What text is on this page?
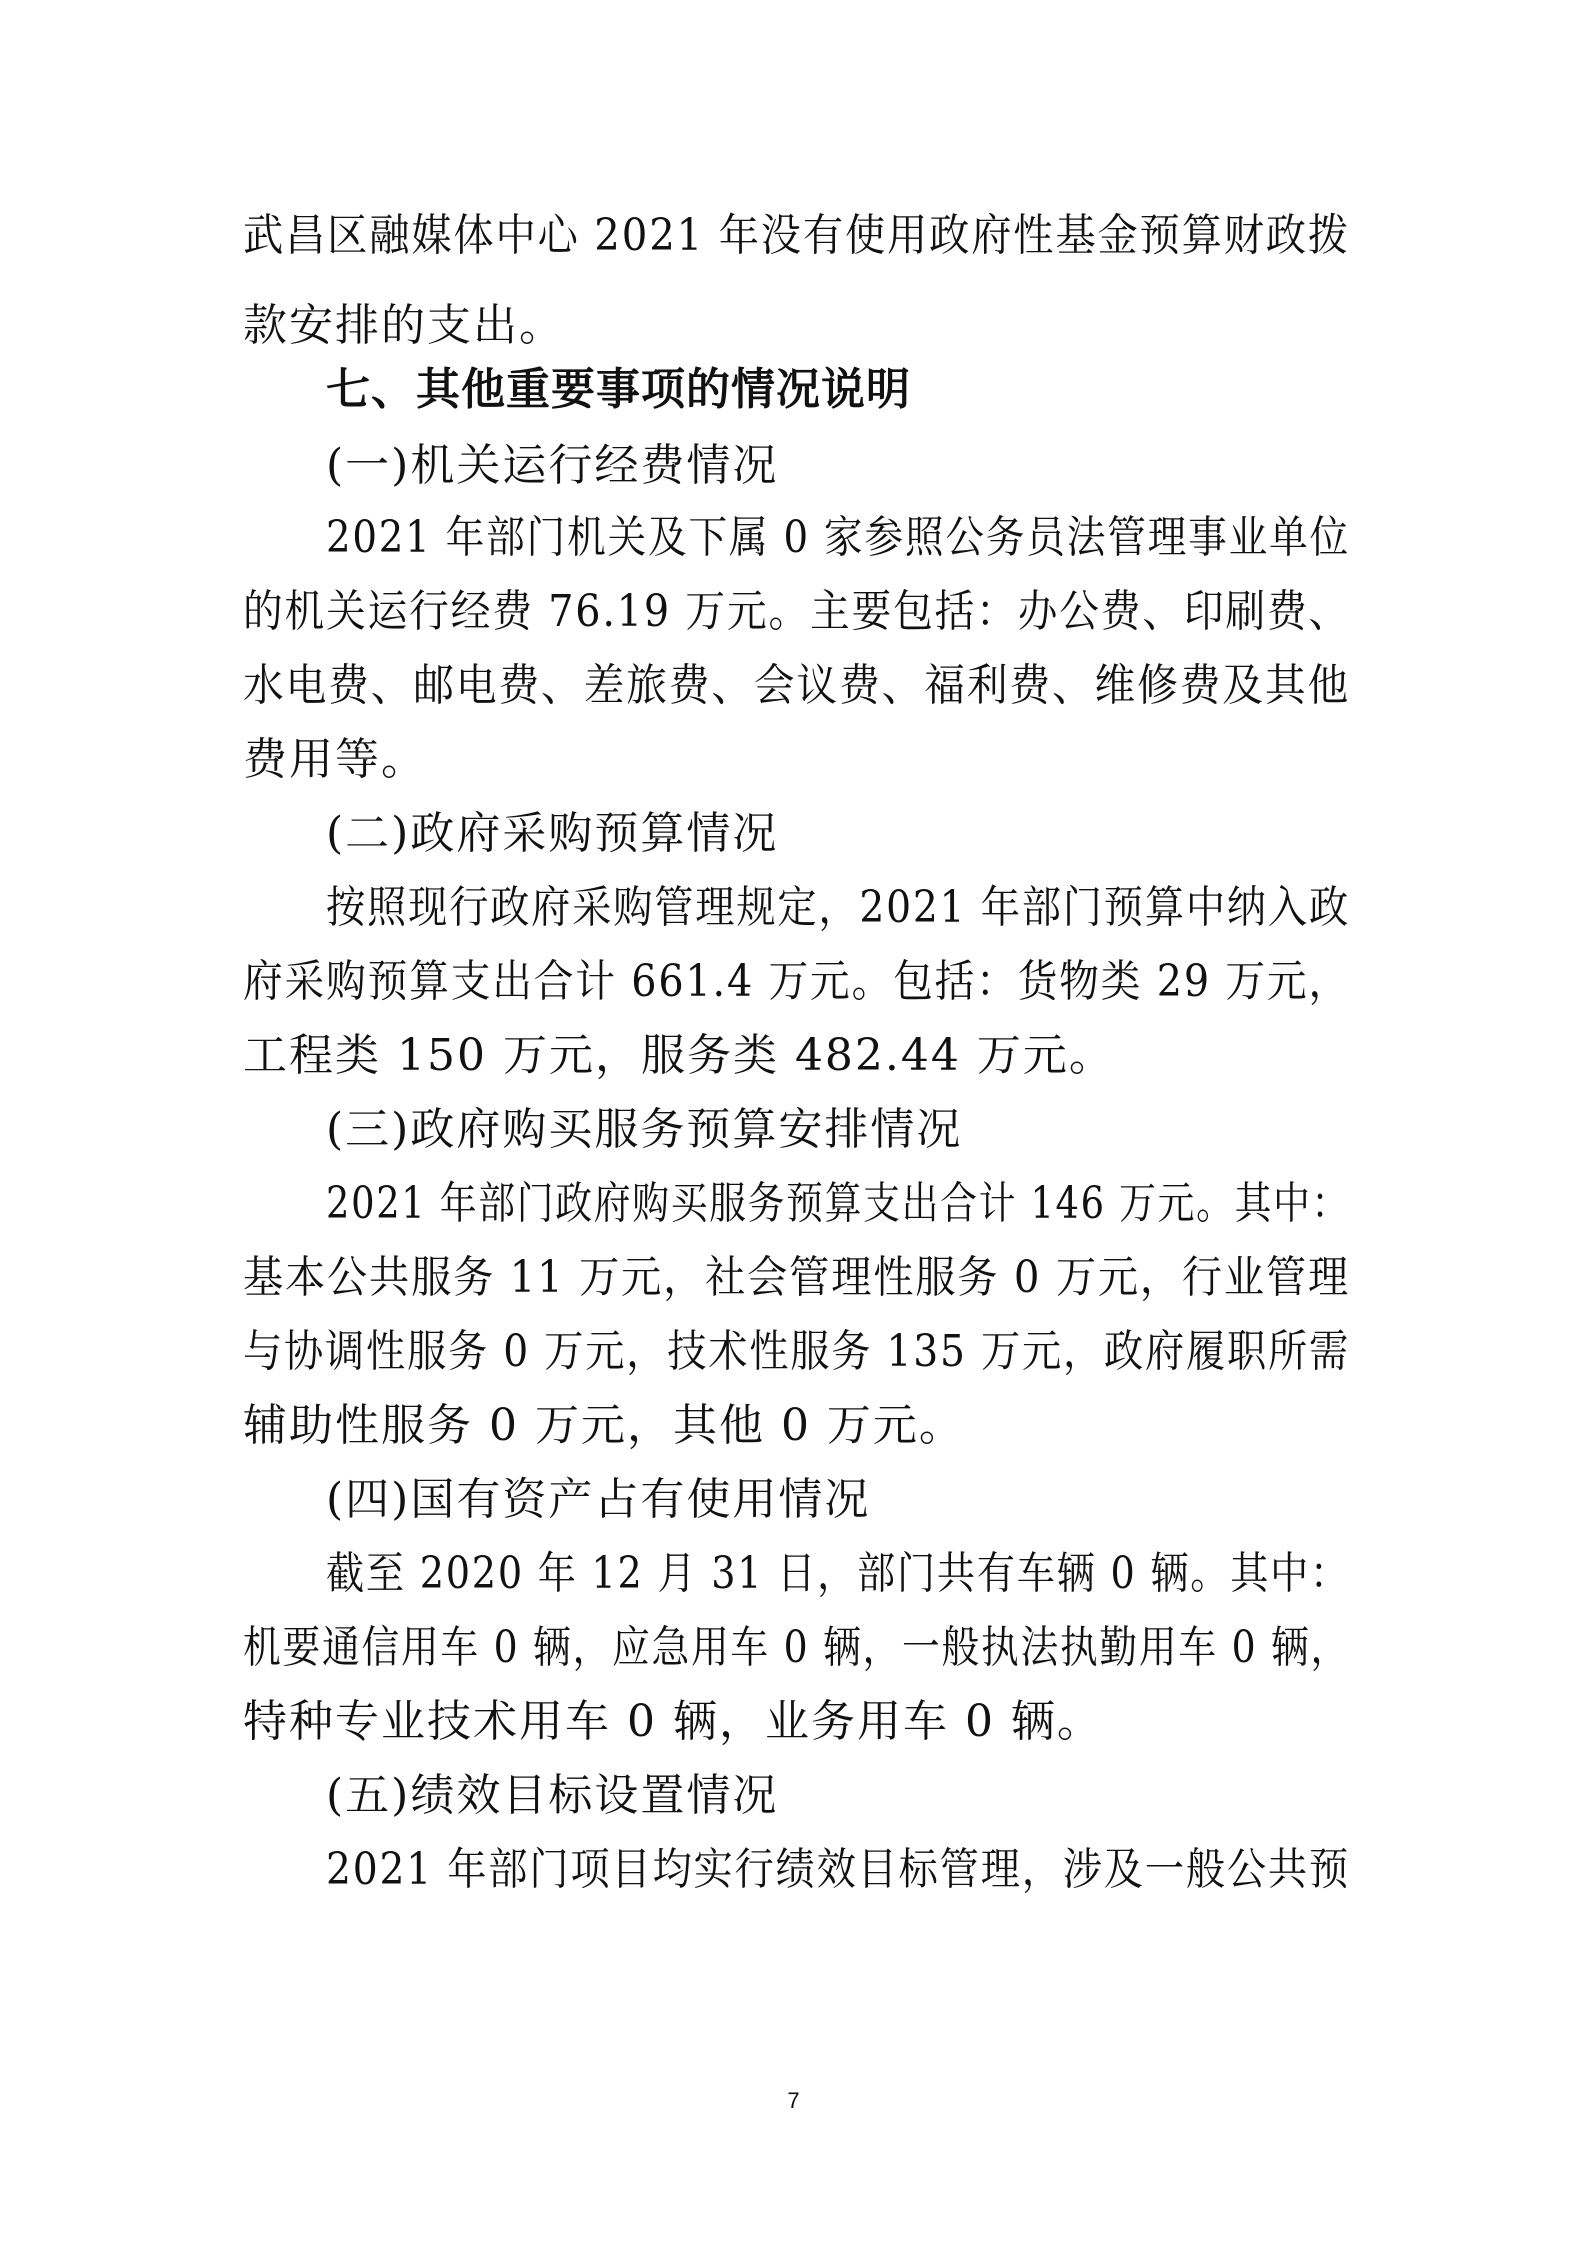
武昌区融媒体中心 2021 年没有使用政府性基金预算财政拨
款安排的支出。
七、其他重要事项的情况说明
(一)机关运行经费情况
2021 年部门机关及下属 0 家参照公务员法管理事业单位
的机关运行经费 76.19 万元。主要包括：办公费、印刷费、
水电费、邮电费、差旅费、会议费、福利费、维修费及其他
费用等。
(二)政府采购预算情况
按照现行政府采购管理规定，2021 年部门预算中纳入政
府采购预算支出合计 661.4 万元。包括：货物类 29 万元，
工程类 150 万元，服务类 482.44 万元。
(三)政府购买服务预算安排情况
2021 年部门政府购买服务预算支出合计 146 万元。其中：
基本公共服务 11 万元，社会管理性服务 0 万元，行业管理
与协调性服务 0 万元，技术性服务 135 万元，政府履职所需
辅助性服务 0 万元，其他 0 万元。
(四)国有资产占有使用情况
截至 2020 年 12 月 31 日，部门共有车辆 0 辆。其中：
机要通信用车 0 辆，应急用车 0 辆，一般执法执勤用车 0 辆，
特种专业技术用车 0 辆，业务用车 0 辆。
(五)绩效目标设置情况
2021 年部门项目均实行绩效目标管理，涉及一般公共预
7
